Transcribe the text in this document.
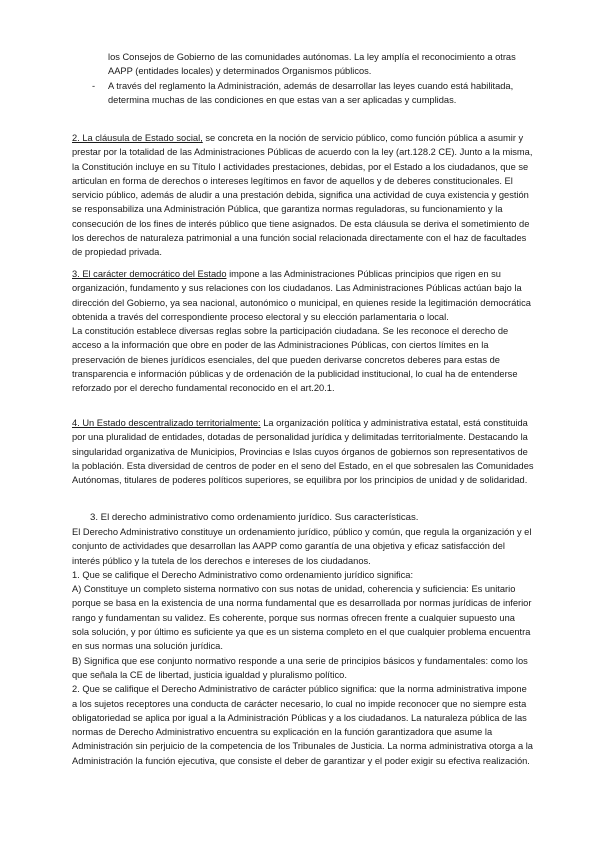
los Consejos de Gobierno de las comunidades autónomas. La ley amplía el reconocimiento a otras AAPP (entidades locales) y determinados Organismos públicos.

- A través del reglamento la Administración, además de desarrollar las leyes cuando está habilitada, determina muchas de las condiciones en que estas van a ser aplicadas y cumplidas.

2. La cláusula de Estado social, se concreta en la noción de servicio público, como función pública a asumir y prestar por la totalidad de las Administraciones Públicas de acuerdo con la ley (art.128.2 CE). Junto a la misma, la Constitución incluye en su Título I actividades prestaciones, debidas, por el Estado a los ciudadanos, que se articulan en forma de derechos o intereses legítimos en favor de aquellos y de deberes constitucionales. El servicio público, además de aludir a una prestación debida, significa una actividad de cuya existencia y gestión se responsabiliza una Administración Pública, que garantiza normas reguladoras, su funcionamiento y la consecución de los fines de interés público que tiene asignados. De esta cláusula se deriva el sometimiento de los derechos de naturaleza patrimonial a una función social relacionada directamente con el haz de facultades de propiedad privada.

3. El carácter democrático del Estado impone a las Administraciones Públicas principios que rigen en su organización, fundamento y sus relaciones con los ciudadanos. Las Administraciones Públicas actúan bajo la dirección del Gobierno, ya sea nacional, autonómico o municipal, en quienes reside la legitimación democrática obtenida a través del correspondiente proceso electoral y su elección parlamentaria o local.

La constitución establece diversas reglas sobre la participación ciudadana. Se les reconoce el derecho de acceso a la información que obre en poder de las Administraciones Públicas, con ciertos límites en la preservación de bienes jurídicos esenciales, del que pueden derivarse concretos deberes para estas de transparencia e información públicas y de ordenación de la publicidad institucional, lo cual ha de entenderse reforzado por el derecho fundamental reconocido en el art.20.1.

4. Un Estado descentralizado territorialmente: La organización política y administrativa estatal, está constituida por una pluralidad de entidades, dotadas de personalidad jurídica y delimitadas territorialmente. Destacando la singularidad organizativa de Municipios, Provincias e Islas cuyos órganos de gobiernos son representativos de la población. Esta diversidad de centros de poder en el seno del Estado, en el que sobresalen las Comunidades Autónomas, titulares de poderes políticos superiores, se equilibra por los principios de unidad y de solidaridad.

3. El derecho administrativo como ordenamiento jurídico. Sus características.

El Derecho Administrativo constituye un ordenamiento jurídico, público y común, que regula la organización y el conjunto de actividades que desarrollan las AAPP como garantía de una objetiva y eficaz satisfacción del interés público y la tutela de los derechos e intereses de los ciudadanos.

1. Que se califique el Derecho Administrativo como ordenamiento jurídico significa:

A) Constituye un completo sistema normativo con sus notas de unidad, coherencia y suficiencia: Es unitario porque se basa en la existencia de una norma fundamental que es desarrollada por normas jurídicas de inferior rango y fundamentan su validez. Es coherente, porque sus normas ofrecen frente a cualquier supuesto una sola solución, y por último es suficiente ya que es un sistema completo en el que cualquier problema encuentra en sus normas una solución jurídica.

B) Significa que ese conjunto normativo responde a una serie de principios básicos y fundamentales: como los que señala la CE de libertad, justicia igualdad y pluralismo político.

2. Que se califique el Derecho Administrativo de carácter público significa: que la norma administrativa impone a los sujetos receptores una conducta de carácter necesario, lo cual no impide reconocer que no siempre esta obligatoriedad se aplica por igual a la Administración Públicas y a los ciudadanos. La naturaleza pública de las normas de Derecho Administrativo encuentra su explicación en la función garantizadora que asume la Administración sin perjuicio de la competencia de los Tribunales de Justicia. La norma administrativa otorga a la Administración la función ejecutiva, que consiste el deber de garantizar y el poder exigir su efectiva realización.
